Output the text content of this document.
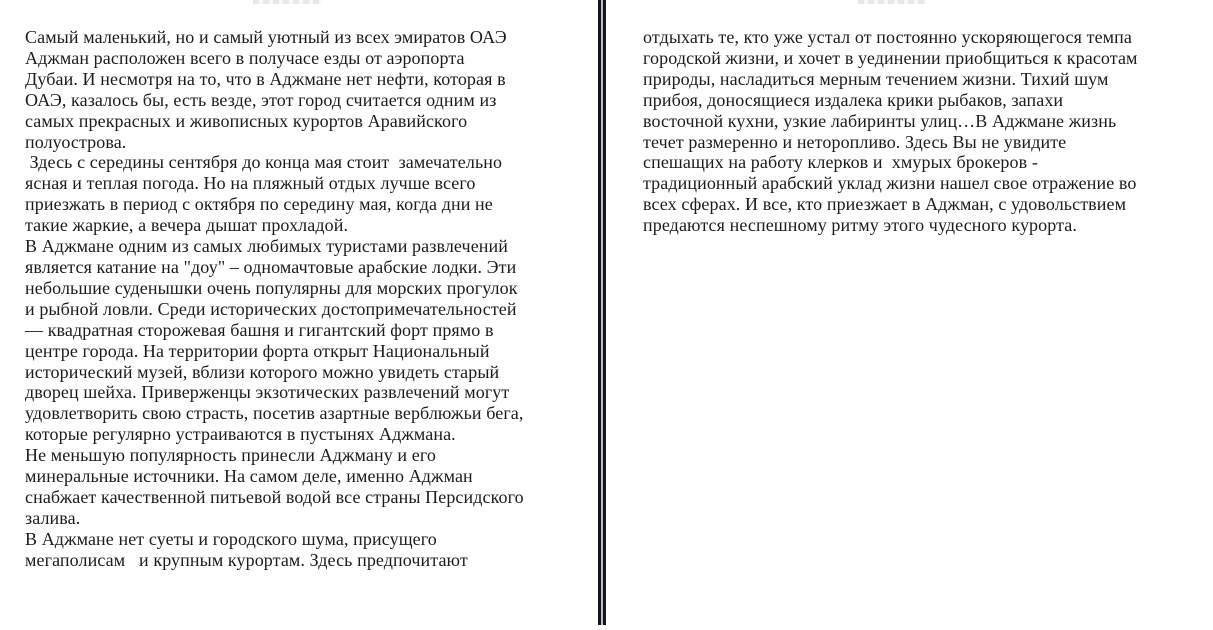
Самый маленький, но и самый уютный из всех эмиратов ОАЭ
Аджман расположен всего в получасе езды от аэропорта
Дубаи. И несмотря на то, что в Аджмане нет нефти, которая в
ОАЭ, казалось бы, есть везде, этот город считается одним из
самых прекрасных и живописных курортов Аравийского
полуострова.
Здесь с середины сентября до конца мая стоит  замечательно
ясная и теплая погода. Но на пляжный отдых лучше всего
приезжать в период с октября по середину мая, когда дни не
такие жаркие, а вечера дышат прохладой.
В Аджмане одним из самых любимых туристами развлечений
является катание на "доу" – одномачтовые арабские лодки. Эти
небольшие суденышки очень популярны для морских прогулок
и рыбной ловли. Среди исторических достопримечательностей
— квадратная сторожевая башня и гигантский форт прямо в
центре города. На территории форта открыт Национальный
исторический музей, вблизи которого можно увидеть старый
дворец шейха. Приверженцы экзотических развлечений могут
удовлетворить свою страсть, посетив азартные верблюжьи бега,
которые регулярно устраиваются в пустынях Аджмана.
Не меньшую популярность принесли Аджману и его
минеральные источники. На самом деле, именно Аджман
снабжает качественной питьевой водой все страны Персидского
залива.
В Аджмане нет суеты и городского шума, присущего
мегаполисам   и крупным курортам. Здесь предпочитают
отдыхать те, кто уже устал от постоянно ускоряющегося темпа
городской жизни, и хочет в уединении приобщиться к красотам
природы, насладиться мерным течением жизни. Тихий шум
прибоя, доносящиеся издалека крики рыбаков, запахи
восточной кухни, узкие лабиринты улиц…В Аджмане жизнь
течет размеренно и неторопливо. Здесь Вы не увидите
спешащих на работу клерков и  хмурых брокеров -
традиционный арабский уклад жизни нашел свое отражение во
всех сферах. И все, кто приезжает в Аджман, с удовольствием
предаются неспешному ритму этого чудесного курорта.
